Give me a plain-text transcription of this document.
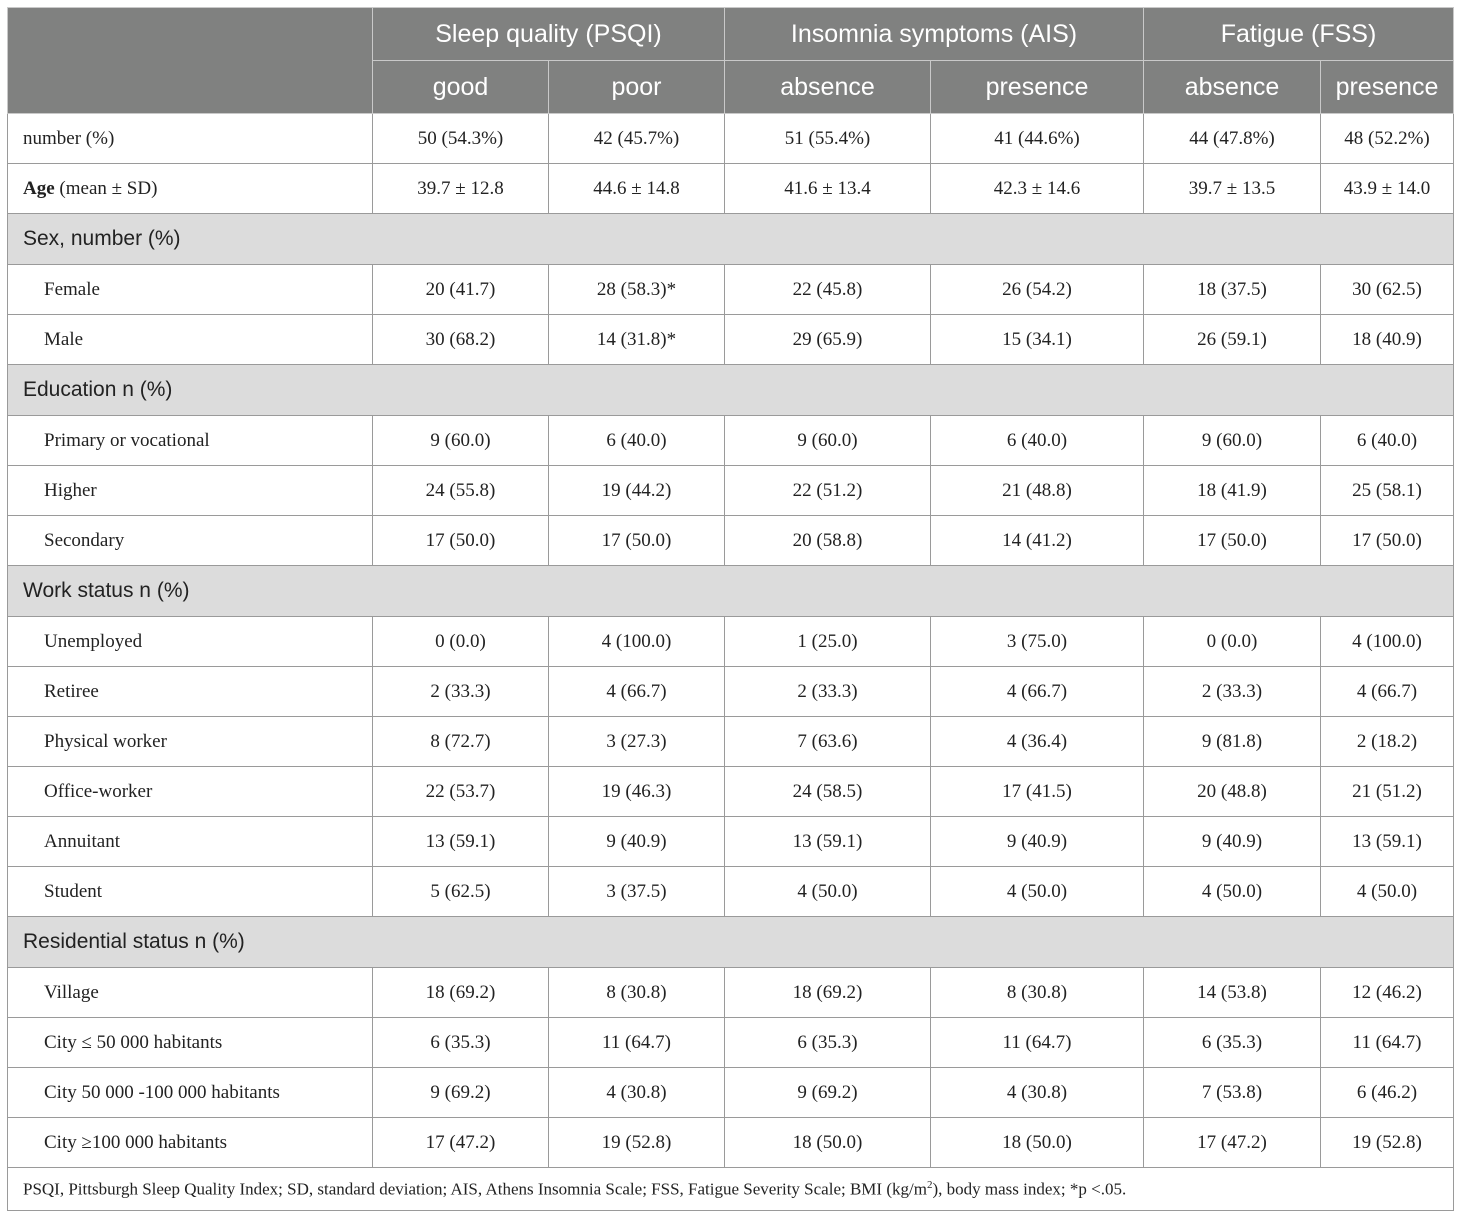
	Sleep quality (PSQI)		Insomnia symptoms (AIS)		Fatigue (FSS)	
	good	poor	absence	presence	absence	presence
number (%)	50 (54.3%)	42 (45.7%)	51 (55.4%)	41 (44.6%)	44 (47.8%)	48 (52.2%)
Age (mean ± SD)	39.7 ± 12.8	44.6 ± 14.8	41.6 ± 13.4	42.3 ± 14.6	39.7 ± 13.5	43.9 ± 14.0
Sex, number (%)						
Female	20 (41.7)	28 (58.3)*	22 (45.8)	26 (54.2)	18 (37.5)	30 (62.5)
Male	30 (68.2)	14 (31.8)*	29 (65.9)	15 (34.1)	26 (59.1)	18 (40.9)
Education n (%)						
Primary or vocational	9 (60.0)	6 (40.0)	9 (60.0)	6 (40.0)	9 (60.0)	6 (40.0)
Higher	24 (55.8)	19 (44.2)	22 (51.2)	21 (48.8)	18 (41.9)	25 (58.1)
Secondary	17 (50.0)	17 (50.0)	20 (58.8)	14 (41.2)	17 (50.0)	17 (50.0)
Work status n (%)						
Unemployed	0 (0.0)	4 (100.0)	1 (25.0)	3 (75.0)	0 (0.0)	4 (100.0)
Retiree	2 (33.3)	4 (66.7)	2 (33.3)	4 (66.7)	2 (33.3)	4 (66.7)
Physical worker	8 (72.7)	3 (27.3)	7 (63.6)	4 (36.4)	9 (81.8)	2 (18.2)
Office-worker	22 (53.7)	19 (46.3)	24 (58.5)	17 (41.5)	20 (48.8)	21 (51.2)
Annuitant	13 (59.1)	9 (40.9)	13 (59.1)	9 (40.9)	9 (40.9)	13 (59.1)
Student	5 (62.5)	3 (37.5)	4 (50.0)	4 (50.0)	4 (50.0)	4 (50.0)
Residential status n (%)						
Village	18 (69.2)	8 (30.8)	18 (69.2)	8 (30.8)	14 (53.8)	12 (46.2)
City ≤ 50 000 habitants	6 (35.3)	11 (64.7)	6 (35.3)	11 (64.7)	6 (35.3)	11 (64.7)
City 50 000 -100 000 habitants	9 (69.2)	4 (30.8)	9 (69.2)	4 (30.8)	7 (53.8)	6 (46.2)
City ≥100 000 habitants	17 (47.2)	19 (52.8)	18 (50.0)	18 (50.0)	17 (47.2)	19 (52.8)
PSQI, Pittsburgh Sleep Quality Index; SD, standard deviation; AIS, Athens Insomnia Scale; FSS, Fatigue Severity Scale; BMI $(kg/m^2)$, body mass index; *p <.05.						
